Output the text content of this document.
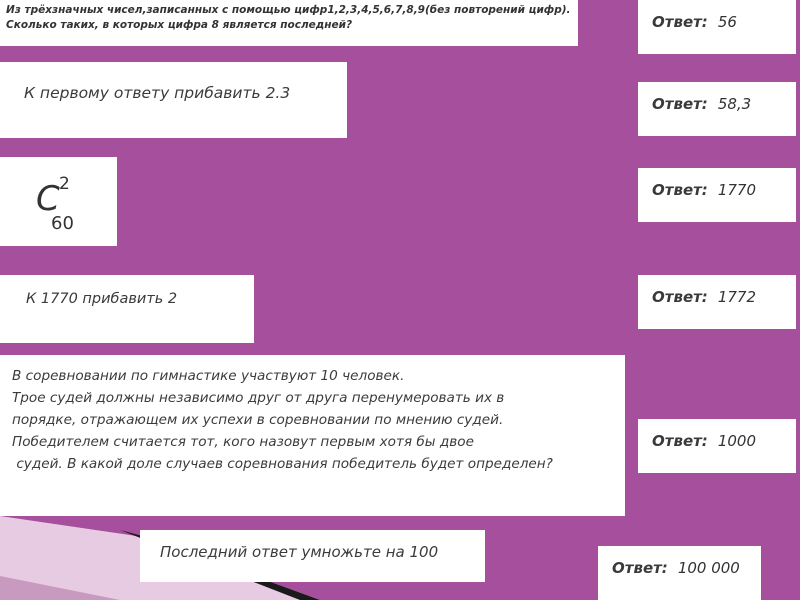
Из трёхзначных чисел,записанных с помощью цифр1,2,3,4,5,6,7,8,9(без повторений цифр).
Сколько таких, в которых цифра 8 является последней?
К первому ответу прибавить 2.3
C 2
60
К 1770 прибавить 2
В соревновании по гимнастике участвуют 10 человек.
Трое судей должны независимо друг от друга перенумеровать их в
порядке, отражающем их успехи в соревновании по мнению судей.
Победителем считается тот, кого назовут первым хотя бы двое
судей. В какой доле случаев соревнования победитель будет определен?
Последний ответ умножьте на 100
Ответ: 56
Ответ: 58,3
Ответ: 1770
Ответ: 1772
Ответ: 1000
Ответ: 100 000
